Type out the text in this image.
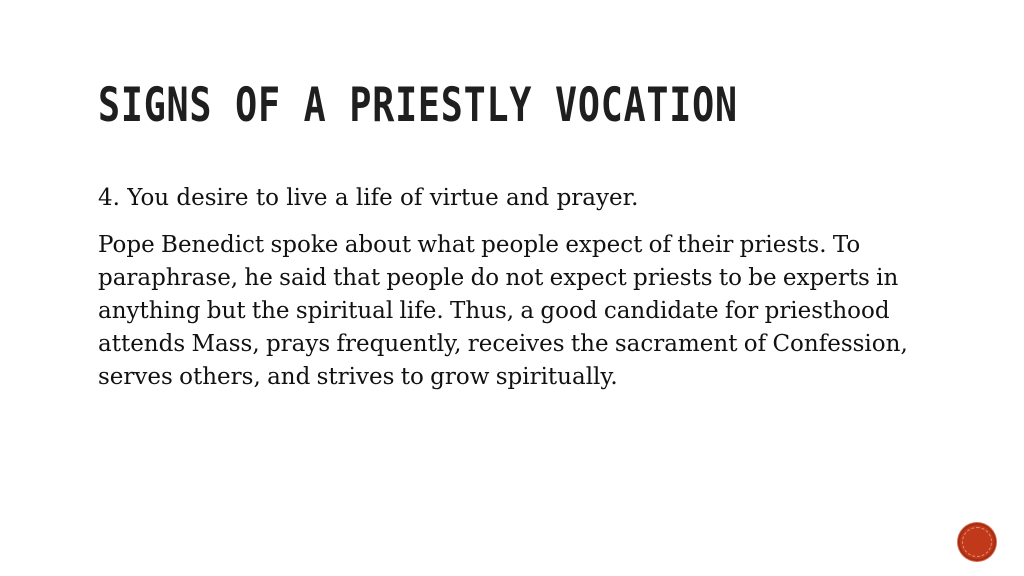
SIGNS OF A PRIESTLY VOCATION

4. You desire to live a life of virtue and prayer.

Pope Benedict spoke about what people expect of their priests. To paraphrase, he said that people do not expect priests to be experts in anything but the spiritual life. Thus, a good candidate for priesthood attends Mass, prays frequently, receives the sacrament of Confession, serves others, and strives to grow spiritually.
